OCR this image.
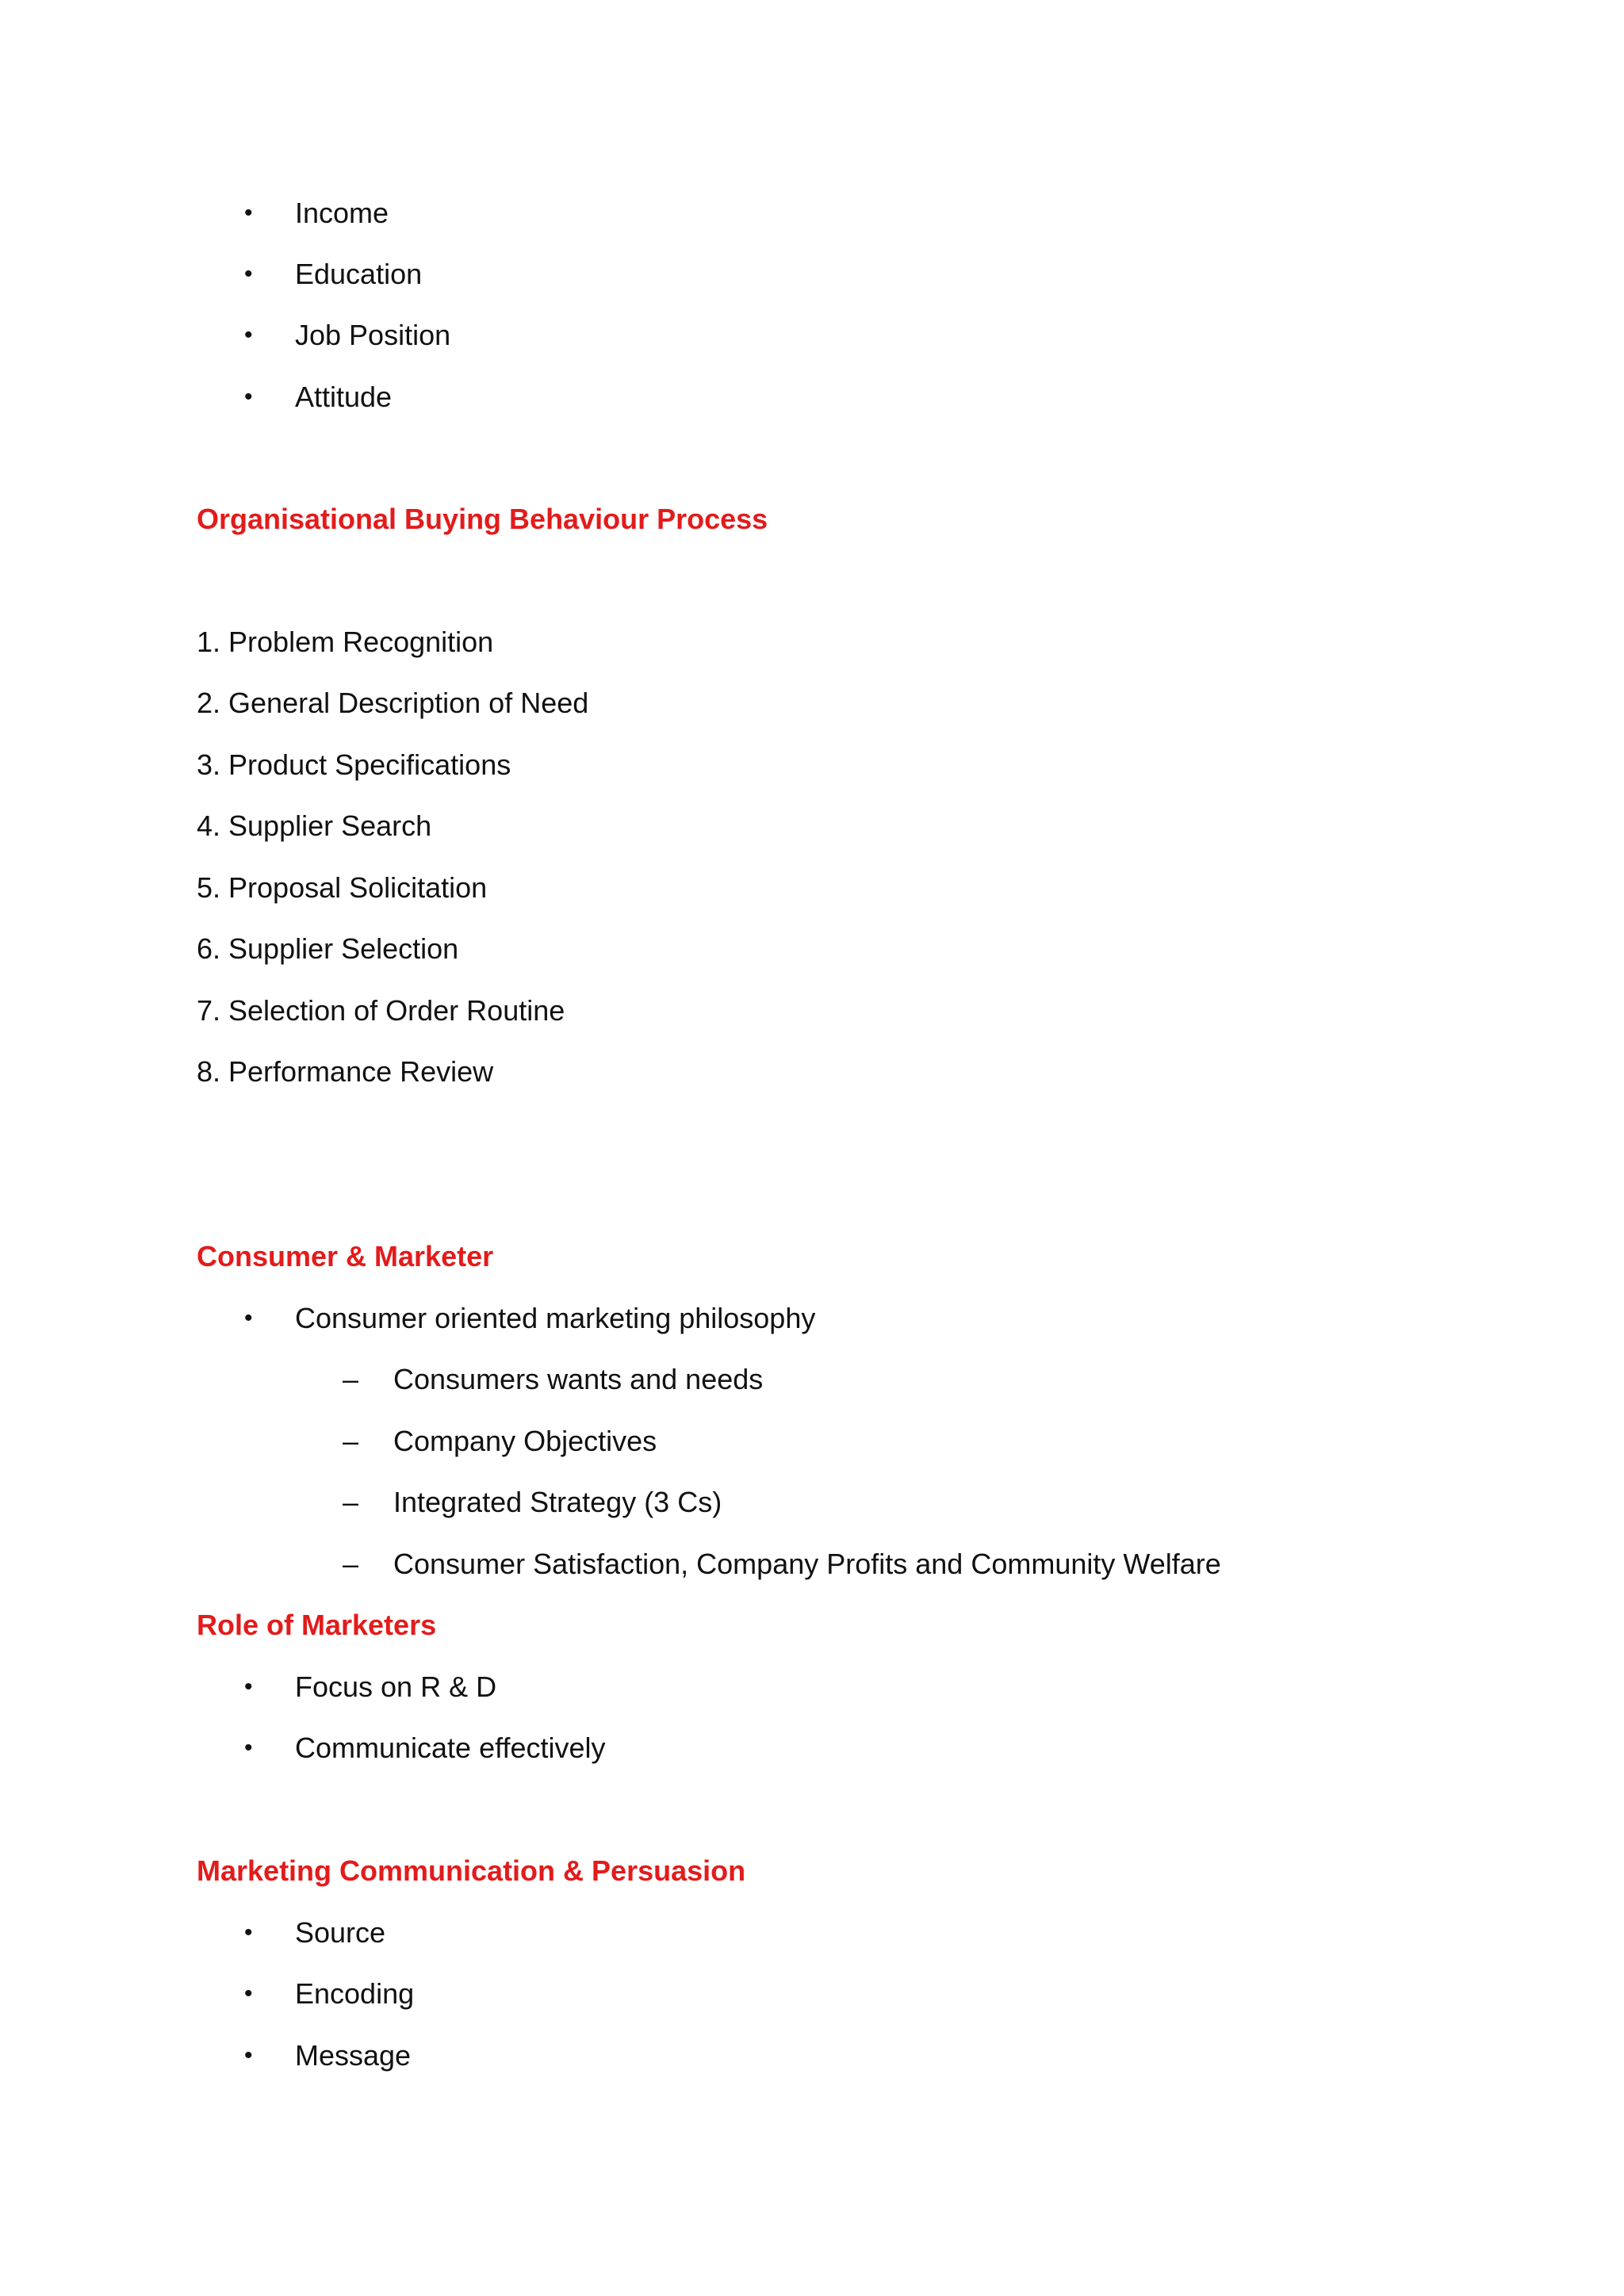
• Income
• Education
• Job Position
• Attitude
Organisational Buying Behaviour Process
1. Problem Recognition
2. General Description of Need
3. Product Specifications
4. Supplier Search
5. Proposal Solicitation
6. Supplier Selection
7. Selection of Order Routine
8. Performance Review
Consumer & Marketer
• Consumer oriented marketing philosophy
– Consumers wants and needs
– Company Objectives
– Integrated Strategy (3 Cs)
– Consumer Satisfaction, Company Profits and Community Welfare
Role of Marketers
• Focus on R & D
• Communicate effectively
Marketing Communication & Persuasion
• Source
• Encoding
• Message
